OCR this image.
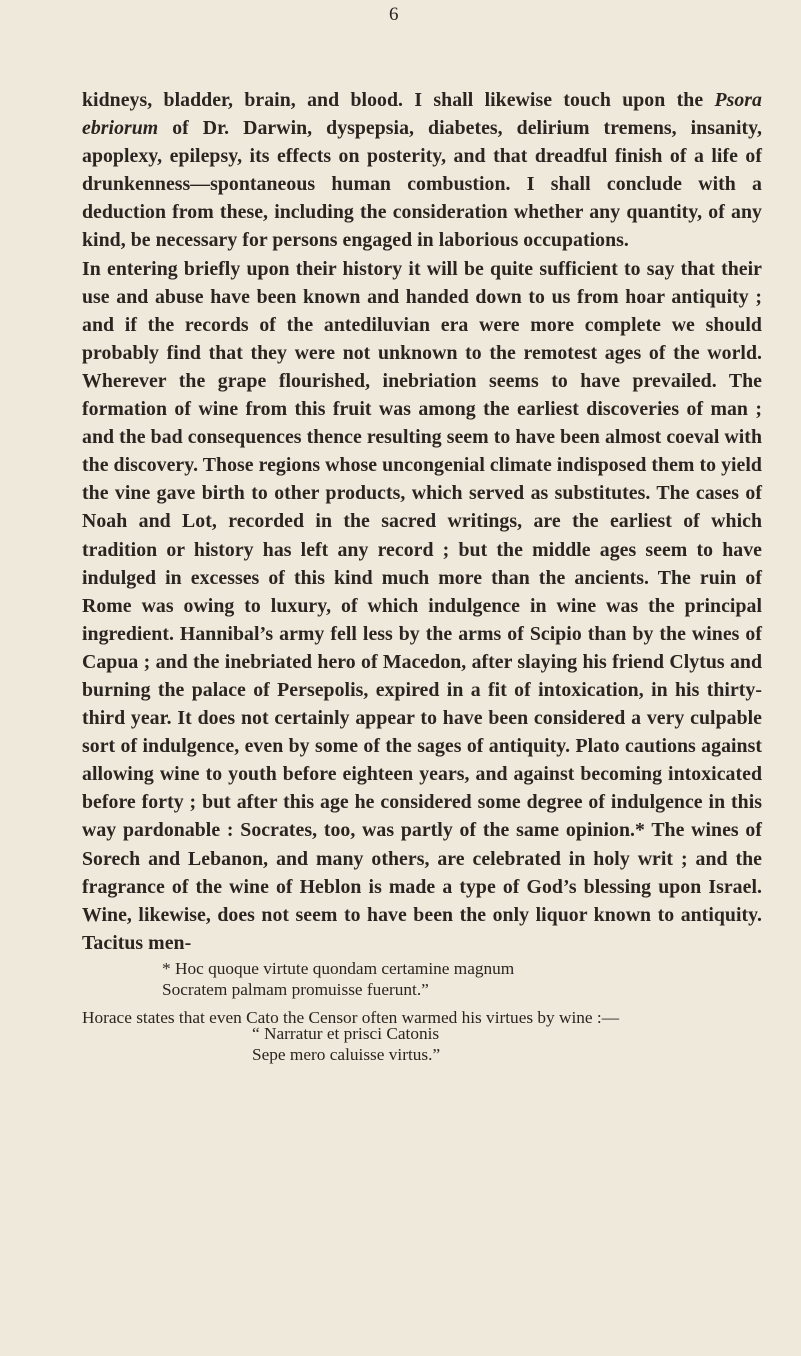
6

kidneys, bladder, brain, and blood. I shall likewise touch upon the Psora ebriorum of Dr. Darwin, dyspepsia, diabetes, delirium tremens, insanity, apoplexy, epilepsy, its effects on posterity, and that dreadful finish of a life of drunkenness—spontaneous human combustion. I shall conclude with a deduction from these, including the consideration whether any quantity, of any kind, be necessary for persons engaged in laborious occupations.

In entering briefly upon their history it will be quite sufficient to say that their use and abuse have been known and handed down to us from hoar antiquity ; and if the records of the antediluvian era were more complete we should probably find that they were not unknown to the remotest ages of the world. Wherever the grape flourished, inebriation seems to have prevailed. The formation of wine from this fruit was among the earliest discoveries of man ; and the bad consequences thence resulting seem to have been almost coeval with the discovery. Those regions whose uncongenial climate indisposed them to yield the vine gave birth to other products, which served as substitutes. The cases of Noah and Lot, recorded in the sacred writings, are the earliest of which tradition or history has left any record ; but the middle ages seem to have indulged in excesses of this kind much more than the ancients. The ruin of Rome was owing to luxury, of which indulgence in wine was the principal ingredient. Hannibal’s army fell less by the arms of Scipio than by the wines of Capua ; and the inebriated hero of Macedon, after slaying his friend Clytus and burning the palace of Persepolis, expired in a fit of intoxication, in his thirty-third year. It does not certainly appear to have been considered a very culpable sort of indulgence, even by some of the sages of antiquity. Plato cautions against allowing wine to youth before eighteen years, and against becoming intoxicated before forty ; but after this age he considered some degree of indulgence in this way pardonable : Socrates, too, was partly of the same opinion.* The wines of Sorech and Lebanon, and many others, are celebrated in holy writ ; and the fragrance of the wine of Heblon is made a type of God’s blessing upon Israel. Wine, likewise, does not seem to have been the only liquor known to antiquity. Tacitus men-

* Hoc quoque virtute quondam certamine magnum
Socratem palmam promuisse fuerunt.”

Horace states that even Cato the Censor often warmed his virtues by wine :—

“ Narratur et prisci Catonis
Sepe mero caluisse virtus.”
